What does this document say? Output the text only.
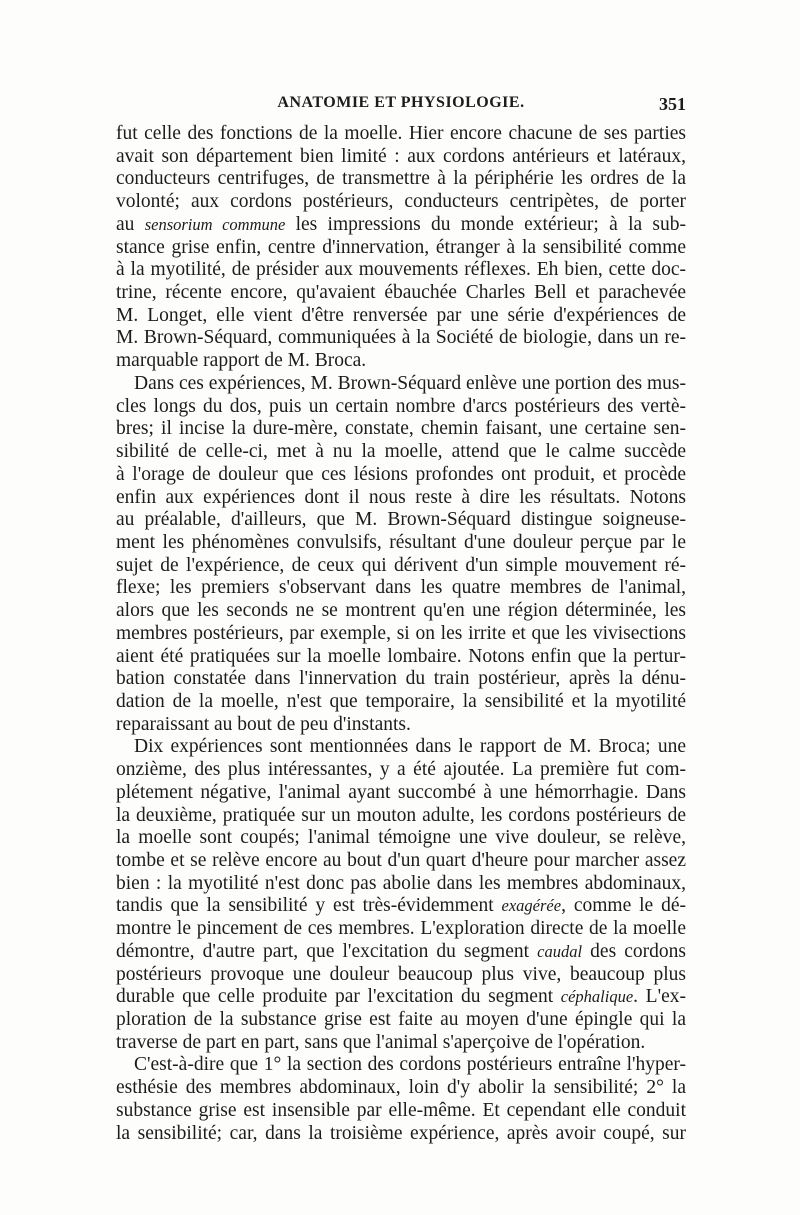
ANATOMIE ET PHYSIOLOGIE.	351
fut celle des fonctions de la moelle. Hier encore chacune de ses parties
avait son département bien limité : aux cordons antérieurs et latéraux,
conducteurs centrifuges, de transmettre à la périphérie les ordres de la
volonté; aux cordons postérieurs, conducteurs centripètes, de porter
au sensorium commune les impressions du monde extérieur; à la sub-
stance grise enfin, centre d'innervation, étranger à la sensibilité comme
à la myotilité, de présider aux mouvements réflexes. Eh bien, cette doc-
trine, récente encore, qu'avaient ébauchée Charles Bell et parachevée
M. Longet, elle vient d'être renversée par une série d'expériences de
M. Brown-Séquard, communiquées à la Société de biologie, dans un re-
marquable rapport de M. Broca.
Dans ces expériences, M. Brown-Séquard enlève une portion des mus-
cles longs du dos, puis un certain nombre d'arcs postérieurs des vertè-
bres; il incise la dure-mère, constate, chemin faisant, une certaine sen-
sibilité de celle-ci, met à nu la moelle, attend que le calme succède
à l'orage de douleur que ces lésions profondes ont produit, et procède
enfin aux expériences dont il nous reste à dire les résultats. Notons
au préalable, d'ailleurs, que M. Brown-Séquard distingue soigneuse-
ment les phénomènes convulsifs, résultant d'une douleur perçue par le
sujet de l'expérience, de ceux qui dérivent d'un simple mouvement ré-
flexe; les premiers s'observant dans les quatre membres de l'animal,
alors que les seconds ne se montrent qu'en une région déterminée, les
membres postérieurs, par exemple, si on les irrite et que les vivisections
aient été pratiquées sur la moelle lombaire. Notons enfin que la pertur-
bation constatée dans l'innervation du train postérieur, après la dénu-
dation de la moelle, n'est que temporaire, la sensibilité et la myotilité
reparaissant au bout de peu d'instants.
Dix expériences sont mentionnées dans le rapport de M. Broca; une
onzième, des plus intéressantes, y a été ajoutée. La première fut com-
plétement négative, l'animal ayant succombé à une hémorrhagie. Dans
la deuxième, pratiquée sur un mouton adulte, les cordons postérieurs de
la moelle sont coupés; l'animal témoigne une vive douleur, se relève,
tombe et se relève encore au bout d'un quart d'heure pour marcher assez
bien : la myotilité n'est donc pas abolie dans les membres abdominaux,
tandis que la sensibilité y est très-évidemment exagérée, comme le dé-
montre le pincement de ces membres. L'exploration directe de la moelle
démontre, d'autre part, que l'excitation du segment caudal des cordons
postérieurs provoque une douleur beaucoup plus vive, beaucoup plus
durable que celle produite par l'excitation du segment céphalique. L'ex-
ploration de la substance grise est faite au moyen d'une épingle qui la
traverse de part en part, sans que l'animal s'aperçoive de l'opération.
C'est-à-dire que 1° la section des cordons postérieurs entraîne l'hyper-
esthésie des membres abdominaux, loin d'y abolir la sensibilité; 2° la
substance grise est insensible par elle-même. Et cependant elle conduit
la sensibilité; car, dans la troisième expérience, après avoir coupé, sur
